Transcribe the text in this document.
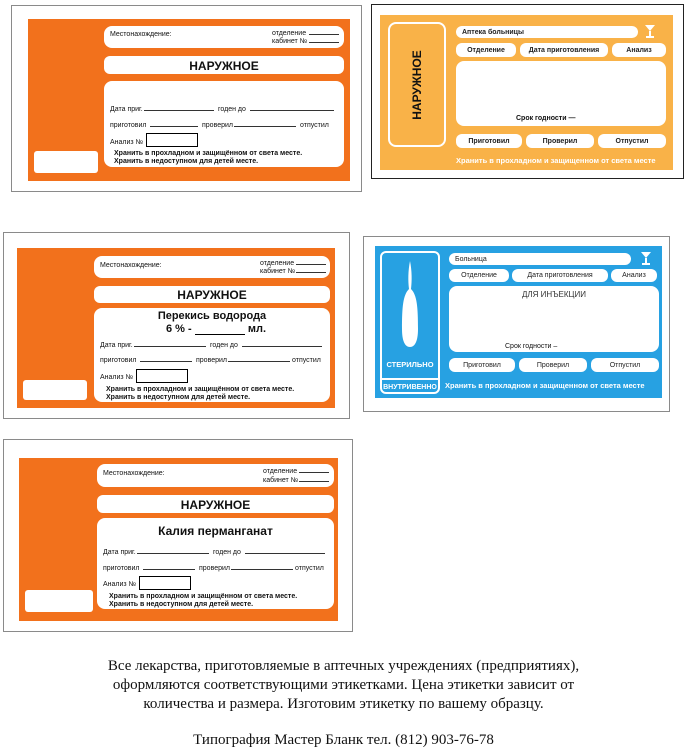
Местонахождение:	отделение
кабинет №
НАРУЖНОЕ
Дата приг.	годен до
приготовил	проверил	отпустил
Анализ №
Хранить в прохладном и защищённом от света месте.
Хранить в недоступном для детей месте.
НАРУЖНОЕ
Аптека больницы
Отделение	Дата приготовления	Анализ
Срок годности —
Приготовил	Проверил	Отпустил
Хранить в прохладном и защищенном от света месте
Местонахождение:	отделение
кабинет №
НАРУЖНОЕ
Перекись водорода
6 % -	мл.
Дата приг.	годен до
приготовил	проверил	отпустил
Анализ №
Хранить в прохладном и защищённом от света месте.
Хранить в недоступном для детей месте.
СТЕРИЛЬНО
ВНУТРИВЕННО
Больница
Отделение	Дата приготовления	Анализ
ДЛЯ ИНЪЕКЦИИ
Срок годности –
Приготовил	Проверил	Отпустил
Хранить в прохладном и защищенном от света месте
Местонахождение:	отделение
кабинет №
НАРУЖНОЕ
Калия перманганат
Дата приг.	годен до
приготовил	проверил	отпустил
Анализ №
Хранить в прохладном и защищённом от света месте.
Хранить в недоступном для детей месте.
Все лекарства, приготовляемые в аптечных учреждениях (предприятиях),
оформляются соответствующими этикетками. Цена этикетки зависит от
количества и размера. Изготовим этикетку по вашему образцу.
Типография Мастер Бланк тел. (812) 903-76-78
